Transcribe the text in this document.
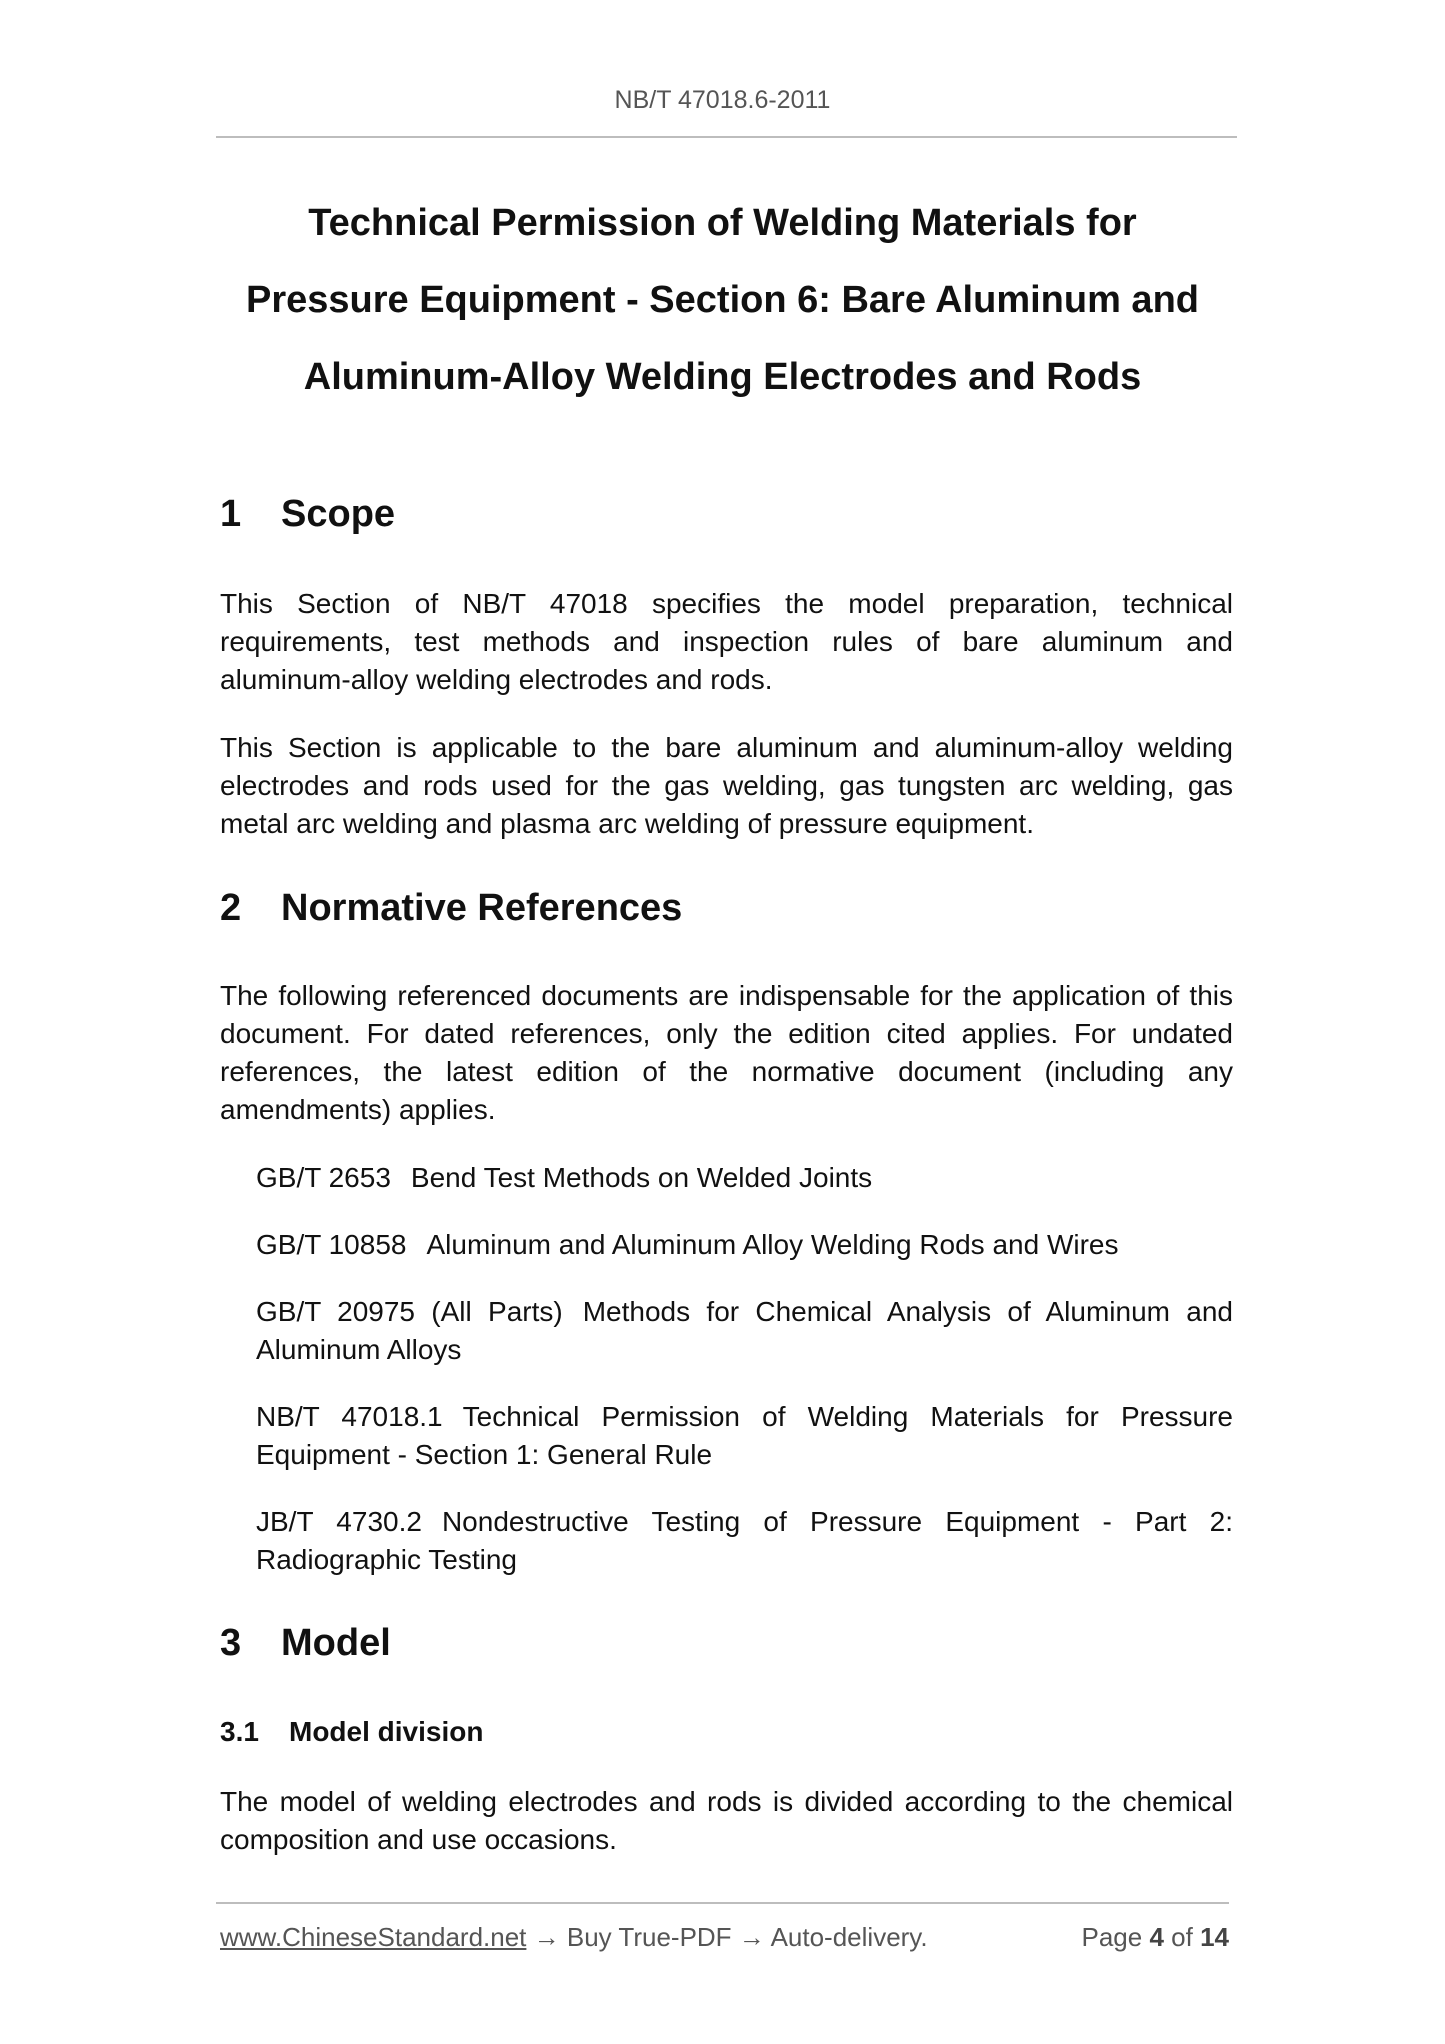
NB/T 47018.6-2011
Technical Permission of Welding Materials for
Pressure Equipment - Section 6: Bare Aluminum and
Aluminum-Alloy Welding Electrodes and Rods
1 Scope

This Section of NB/T 47018 specifies the model preparation, technical requirements, test methods and inspection rules of bare aluminum and aluminum-alloy welding electrodes and rods.

This Section is applicable to the bare aluminum and aluminum-alloy welding electrodes and rods used for the gas welding, gas tungsten arc welding, gas metal arc welding and plasma arc welding of pressure equipment.

2 Normative References

The following referenced documents are indispensable for the application of this document. For dated references, only the edition cited applies. For undated references, the latest edition of the normative document (including any amendments) applies.

GB/T 2653 Bend Test Methods on Welded Joints

GB/T 10858 Aluminum and Aluminum Alloy Welding Rods and Wires

GB/T 20975 (All Parts) Methods for Chemical Analysis of Aluminum and Aluminum Alloys

NB/T 47018.1 Technical Permission of Welding Materials for Pressure Equipment - Section 1: General Rule

JB/T 4730.2 Nondestructive Testing of Pressure Equipment - Part 2: Radiographic Testing

3 Model
3.1 Model division

The model of welding electrodes and rods is divided according to the chemical composition and use occasions.

www.ChineseStandard.net → Buy True-PDF → Auto-delivery.	Page 4 of 14
